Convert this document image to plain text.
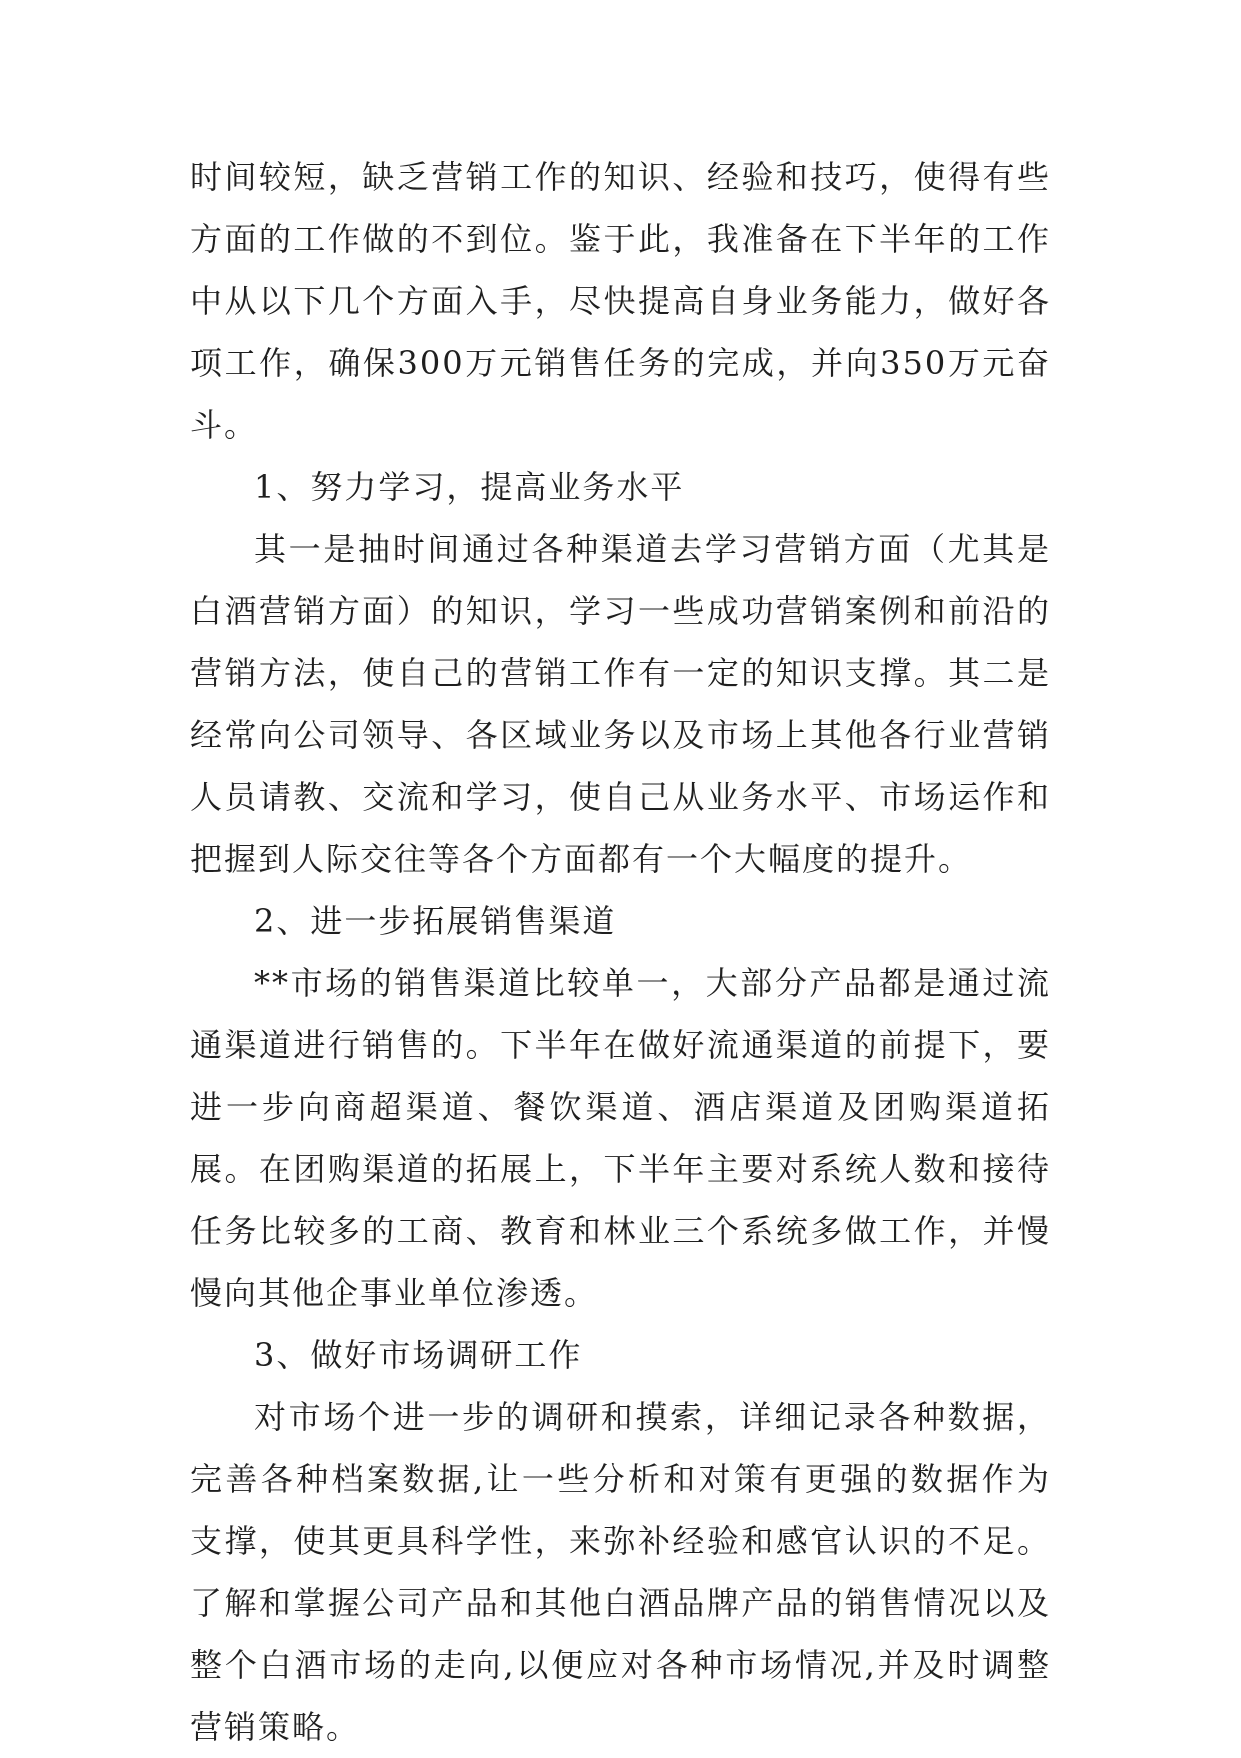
时间较短，缺乏营销工作的知识、经验和技巧，使得有些方面的工作做的不到位。鉴于此，我准备在下半年的工作中从以下几个方面入手，尽快提高自身业务能力，做好各项工作，确保300万元销售任务的完成，并向350万元奋斗。

1、努力学习，提高业务水平

其一是抽时间通过各种渠道去学习营销方面（尤其是白酒营销方面）的知识，学习一些成功营销案例和前沿的营销方法，使自己的营销工作有一定的知识支撑。其二是经常向公司领导、各区域业务以及市场上其他各行业营销人员请教、交流和学习，使自己从业务水平、市场运作和把握到人际交往等各个方面都有一个大幅度的提升。

2、进一步拓展销售渠道

**市场的销售渠道比较单一，大部分产品都是通过流通渠道进行销售的。下半年在做好流通渠道的前提下，要进一步向商超渠道、餐饮渠道、酒店渠道及团购渠道拓展。在团购渠道的拓展上，下半年主要对系统人数和接待任务比较多的工商、教育和林业三个系统多做工作，并慢慢向其他企事业单位渗透。

3、做好市场调研工作

对市场个进一步的调研和摸索，详细记录各种数据，完善各种档案数据,让一些分析和对策有更强的数据作为支撑，使其更具科学性，来弥补经验和感官认识的不足。了解和掌握公司产品和其他白酒品牌产品的销售情况以及整个白酒市场的走向,以便应对各种市场情况,并及时调整营销策略。
